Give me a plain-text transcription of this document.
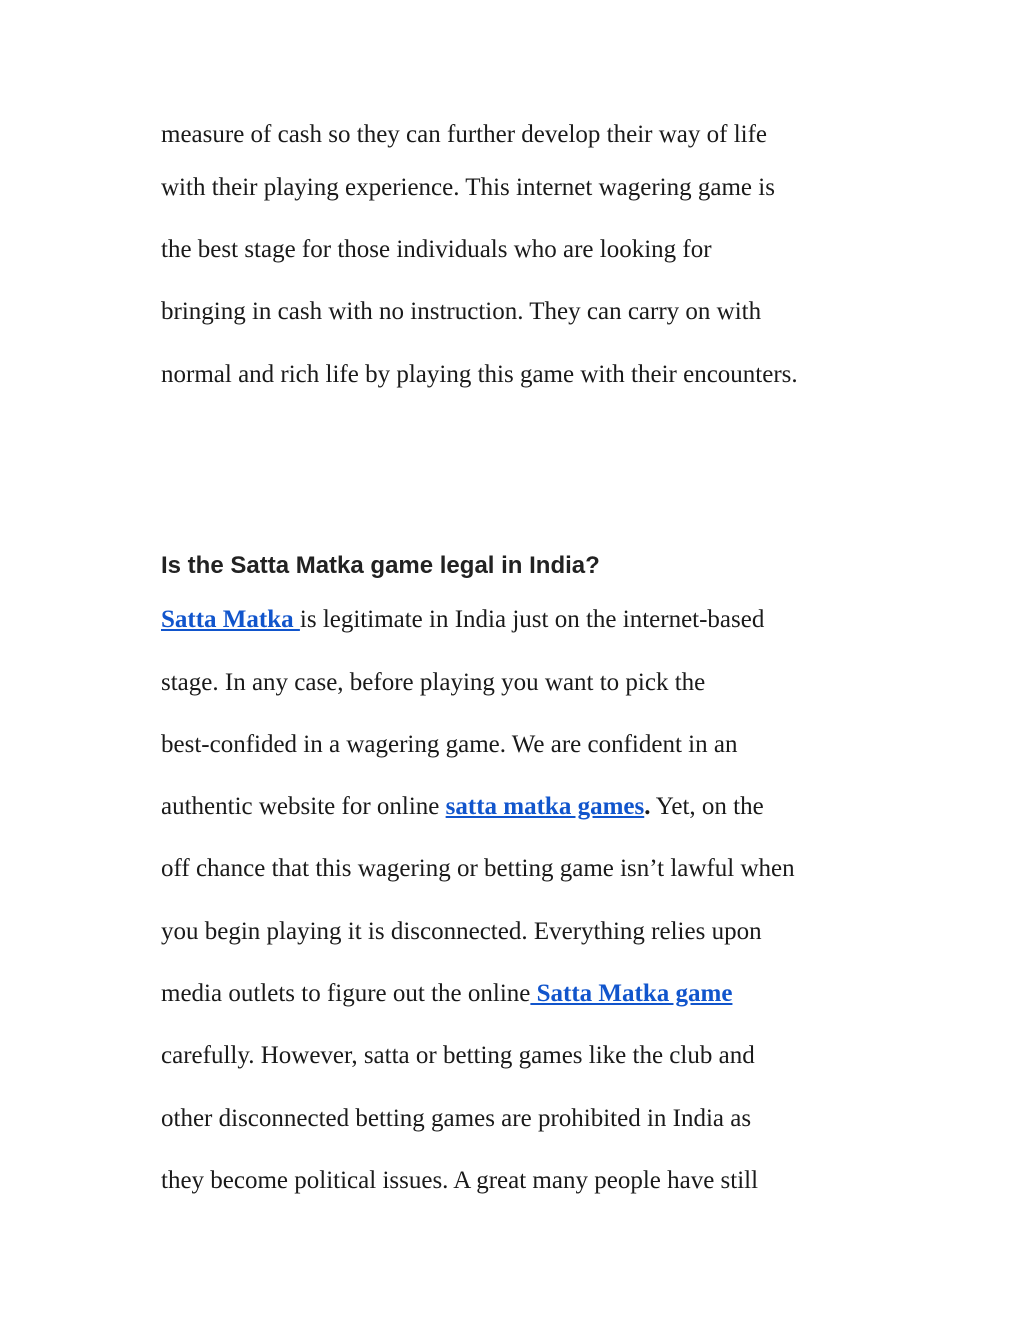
measure of cash so they can further develop their way of life
with their playing experience. This internet wagering game is
the best stage for those individuals who are looking for
bringing in cash with no instruction. They can carry on with
normal and rich life by playing this game with their encounters.
Is the Satta Matka game legal in India?
Satta Matka is legitimate in India just on the internet-based
stage. In any case, before playing you want to pick the
best-confided in a wagering game. We are confident in an
authentic website for online satta matka games. Yet, on the
off chance that this wagering or betting game isn’t lawful when
you begin playing it is disconnected. Everything relies upon
media outlets to figure out the online Satta Matka game
carefully. However, satta or betting games like the club and
other disconnected betting games are prohibited in India as
they become political issues. A great many people have still
